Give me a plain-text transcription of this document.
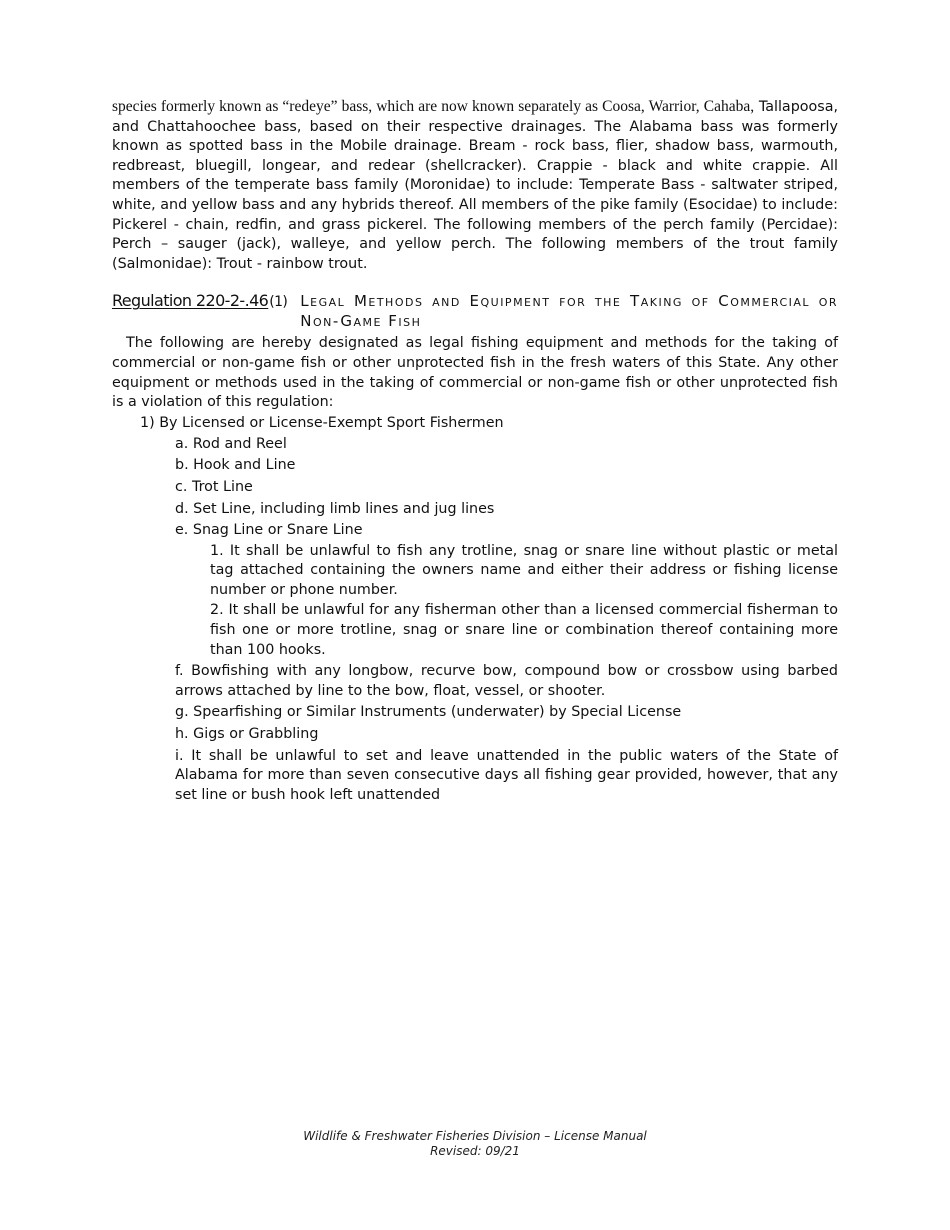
species formerly known as “redeye” bass, which are now known separately as Coosa, Warrior, Cahaba, Tallapoosa, and Chattahoochee bass, based on their respective drainages. The Alabama bass was formerly known as spotted bass in the Mobile drainage. Bream - rock bass, flier, shadow bass, warmouth, redbreast, bluegill, longear, and redear (shellcracker). Crappie - black and white crappie. All members of the temperate bass family (Moronidae) to include: Temperate Bass - saltwater striped, white, and yellow bass and any hybrids thereof. All members of the pike family (Esocidae) to include: Pickerel - chain, redfin, and grass pickerel. The following members of the perch family (Percidae): Perch – sauger (jack), walleye, and yellow perch. The following members of the trout family (Salmonidae): Trout - rainbow trout.

Regulation 220-2-.46(1) Legal Methods and Equipment for the Taking of Commercial or Non-Game Fish

The following are hereby designated as legal fishing equipment and methods for the taking of commercial or non-game fish or other unprotected fish in the fresh waters of this State. Any other equipment or methods used in the taking of commercial or non-game fish or other unprotected fish is a violation of this regulation:

1) By Licensed or License-Exempt Sport Fishermen

a. Rod and Reel

b. Hook and Line

c. Trot Line

d. Set Line, including limb lines and jug lines

e. Snag Line or Snare Line

1. It shall be unlawful to fish any trotline, snag or snare line without plastic or metal tag attached containing the owners name and either their address or fishing license number or phone number.

2. It shall be unlawful for any fisherman other than a licensed commercial fisherman to fish one or more trotline, snag or snare line or combination thereof containing more than 100 hooks.

f. Bowfishing with any longbow, recurve bow, compound bow or crossbow using barbed arrows attached by line to the bow, float, vessel, or shooter.

g. Spearfishing or Similar Instruments (underwater) by Special License

h. Gigs or Grabbling

i. It shall be unlawful to set and leave unattended in the public waters of the State of Alabama for more than seven consecutive days all fishing gear provided, however, that any set line or bush hook left unattended

Wildlife & Freshwater Fisheries Division – License Manual
Revised: 09/21
